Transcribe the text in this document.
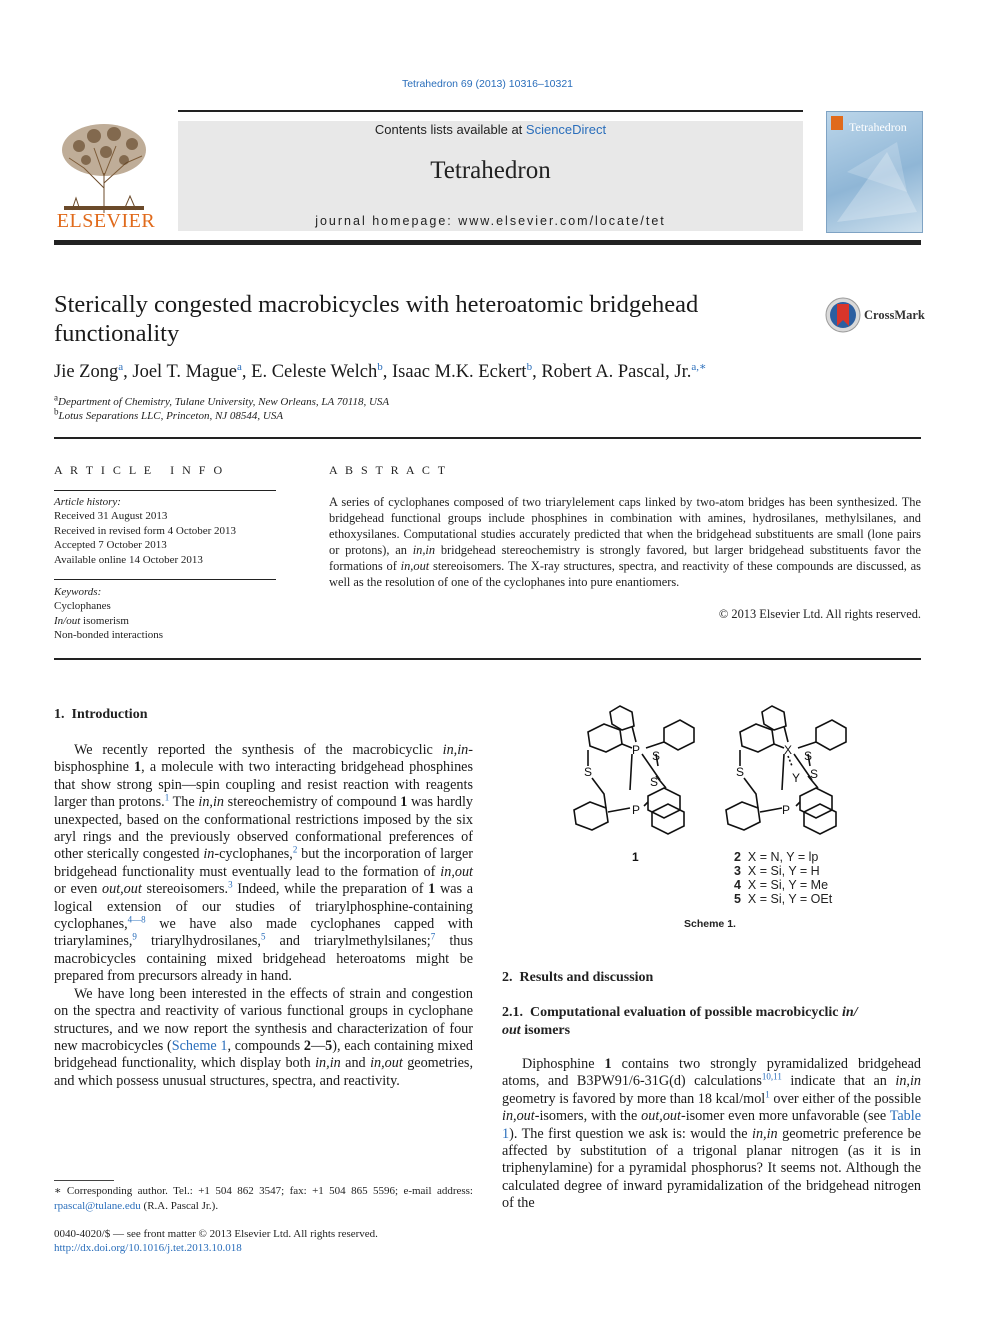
Tetrahedron 69 (2013) 10316–10321
ELSEVIER
Contents lists available at ScienceDirect
Tetrahedron
journal homepage: www.elsevier.com/locate/tet
Tetrahedron
Sterically congested macrobicycles with heteroatomic bridgehead
functionality
CrossMark
Jie Zong$^a$, Joel T. Mague$^a$, E. Celeste Welch$^b$, Isaac M.K. Eckert$^b$, Robert A. Pascal, Jr.$^{a,∗}$
$^a$Department of Chemistry, Tulane University, New Orleans, LA 70118, USA
$^b$Lotus Separations LLC, Princeton, NJ 08544, USA
A R T I C L E   I N F O
Article history:
Received 31 August 2013
Received in revised form 4 October 2013
Accepted 7 October 2013
Available online 14 October 2013
Keywords:
Cyclophanes
In/out isomerism
Non-bonded interactions
A B S T R A C T
A series of cyclophanes composed of two triarylelement caps linked by two-atom bridges has been synthesized. The bridgehead functional groups include phosphines in combination with amines, hydrosilanes, methylsilanes, and ethoxysilanes. Computational studies accurately predicted that when the bridgehead substituents are small (lone pairs or protons), an in,in bridgehead stereochemistry is strongly favored, but larger bridgehead substituents favor the formations of in,out stereoisomers. The X-ray structures, spectra, and reactivity of these compounds are discussed, as well as the resolution of one of the cyclophanes into pure enantiomers.
© 2013 Elsevier Ltd. All rights reserved.
1.  Introduction

We recently reported the synthesis of the macrobicyclic in,in-bisphosphine 1, a molecule with two interacting bridgehead phosphines that show strong spin—spin coupling and resist reaction with reagents larger than protons.$^1$ The in,in stereochemistry of compound 1 was hardly unexpected, based on the conformational restrictions imposed by the six aryl rings and the previously observed conformational preferences of other sterically congested in-cyclophanes,$^2$ but the incorporation of larger bridgehead functionality must eventually lead to the formation of in,out or even out,out stereoisomers.$^3$ Indeed, while the preparation of 1 was a logical extension of our studies of triarylphosphine-containing cyclophanes,$^{4—8}$ we have also made cyclophanes capped with triarylamines,$^9$ triarylhydrosilanes,$^5$ and triarylmethylsilanes;$^7$ thus macrobicycles containing mixed bridgehead heteroatoms might be prepared from precursors already in hand.

We have long been interested in the effects of strain and congestion on the spectra and reactivity of various functional groups in cyclophane structures, and we now report the synthesis and characterization of four new macrobicycles (Scheme 1, compounds 2—5), each containing mixed bridgehead functionality, which display both in,in and in,out geometries, and which possess unusual structures, spectra, and reactivity.

∗ Corresponding author. Tel.: +1 504 862 3547; fax: +1 504 865 5596; e-mail address: rpascal@tulane.edu (R.A. Pascal Jr.).
0040-4020/$ — see front matter © 2013 Elsevier Ltd. All rights reserved.
http://dx.doi.org/10.1016/j.tet.2013.10.018
P S
S
S
P
1
X S
S	Y S
P
2 X = N, Y = lp
3 X = Si, Y = H
4 X = Si, Y = Me
5 X = Si, Y = OEt
Scheme 1.
2.  Results and discussion
2.1.  Computational evaluation of possible macrobicyclic in/
out isomers

Diphosphine 1 contains two strongly pyramidalized bridgehead atoms, and B3PW91/6-31G(d) calculations$^{10,11}$ indicate that an in,in geometry is favored by more than 18 kcal/mol$^1$ over either of the possible in,out-isomers, with the out,out-isomer even more unfavorable (see Table 1). The first question we ask is: would the in,in geometric preference be affected by substitution of a trigonal planar nitrogen (as it is in triphenylamine) for a pyramidal phosphorus? It seems not. Although the calculated degree of inward pyramidalization of the bridgehead nitrogen of the
